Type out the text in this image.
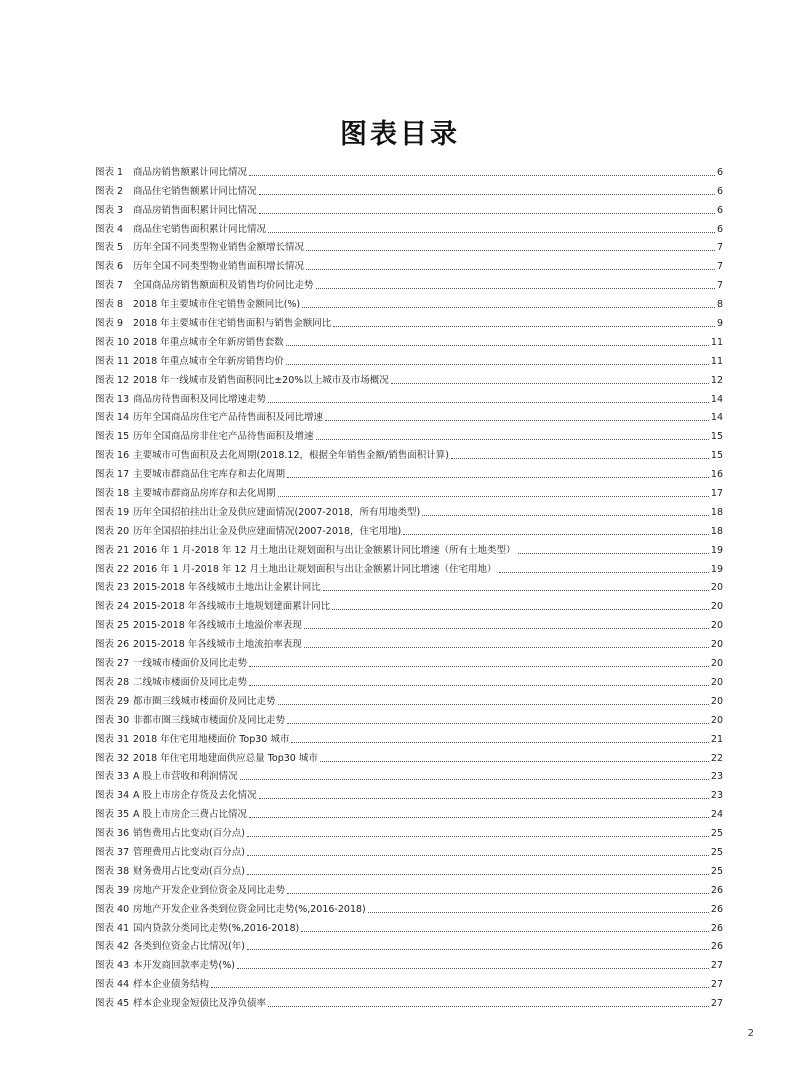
图表目录
图表 1	商品房销售额累计同比情况	6
图表 2	商品住宅销售额累计同比情况	6
图表 3	商品房销售面积累计同比情况	6
图表 4	商品住宅销售面积累计同比情况	6
图表 5	历年全国不同类型物业销售金额增长情况	7
图表 6	历年全国不同类型物业销售面积增长情况	7
图表 7	全国商品房销售额面积及销售均价同比走势	7
图表 8	2018 年主要城市住宅销售金额同比(%)	8
图表 9	2018 年主要城市住宅销售面积与销售金额同比	9
图表 10 2018 年重点城市全年新房销售套数	11
图表 11 2018 年重点城市全年新房销售均价	11
图表 12 2018 年一线城市及销售面积同比±20%以上城市及市场概况	12
图表 13 商品房待售面积及同比增速走势	14
图表 14 历年全国商品房住宅产品待售面积及同比增速	14
图表 15 历年全国商品房非住宅产品待售面积及增速	15
图表 16 主要城市可售面积及去化周期(2018.12，根据全年销售金额/销售面积计算)	15
图表 17 主要城市群商品住宅库存和去化周期	16
图表 18 主要城市群商品房库存和去化周期	17
图表 19 历年全国招拍挂出让金及供应建面情况(2007-2018，所有用地类型)	18
图表 20 历年全国招拍挂出让金及供应建面情况(2007-2018，住宅用地)	18
图表 21 2016 年 1 月-2018 年 12 月土地出让规划面积与出让金额累计同比增速（所有土地类型）	19
图表 22 2016 年 1 月-2018 年 12 月土地出让规划面积与出让金额累计同比增速（住宅用地）	19
图表 23 2015-2018 年各线城市土地出让金累计同比	20
图表 24 2015-2018 年各线城市土地规划建面累计同比	20
图表 25 2015-2018 年各线城市土地溢价率表现	20
图表 26 2015-2018 年各线城市土地流拍率表现	20
图表 27 一线城市楼面价及同比走势	20
图表 28 二线城市楼面价及同比走势	20
图表 29 都市圈三线城市楼面价及同比走势	20
图表 30 非都市圈三线城市楼面价及同比走势	20
图表 31 2018 年住宅用地楼面价 Top30 城市	21
图表 32 2018 年住宅用地建面供应总量 Top30 城市	22
图表 33 A 股上市营收和利润情况	23
图表 34 A 股上市房企存货及去化情况	23
图表 35 A 股上市房企三费占比情况	24
图表 36 销售费用占比变动(百分点)	25
图表 37 管理费用占比变动(百分点)	25
图表 38 财务费用占比变动(百分点)	25
图表 39 房地产开发企业到位资金及同比走势	26
图表 40 房地产开发企业各类到位资金同比走势(%,2016-2018)	26
图表 41 国内贷款分类同比走势(%,2016-2018)	26
图表 42 各类到位资金占比情况(年)	26
图表 43 本开发商回款率走势(%)	27
图表 44 样本企业债务结构	27
图表 45 样本企业现金短债比及净负债率	27
2
